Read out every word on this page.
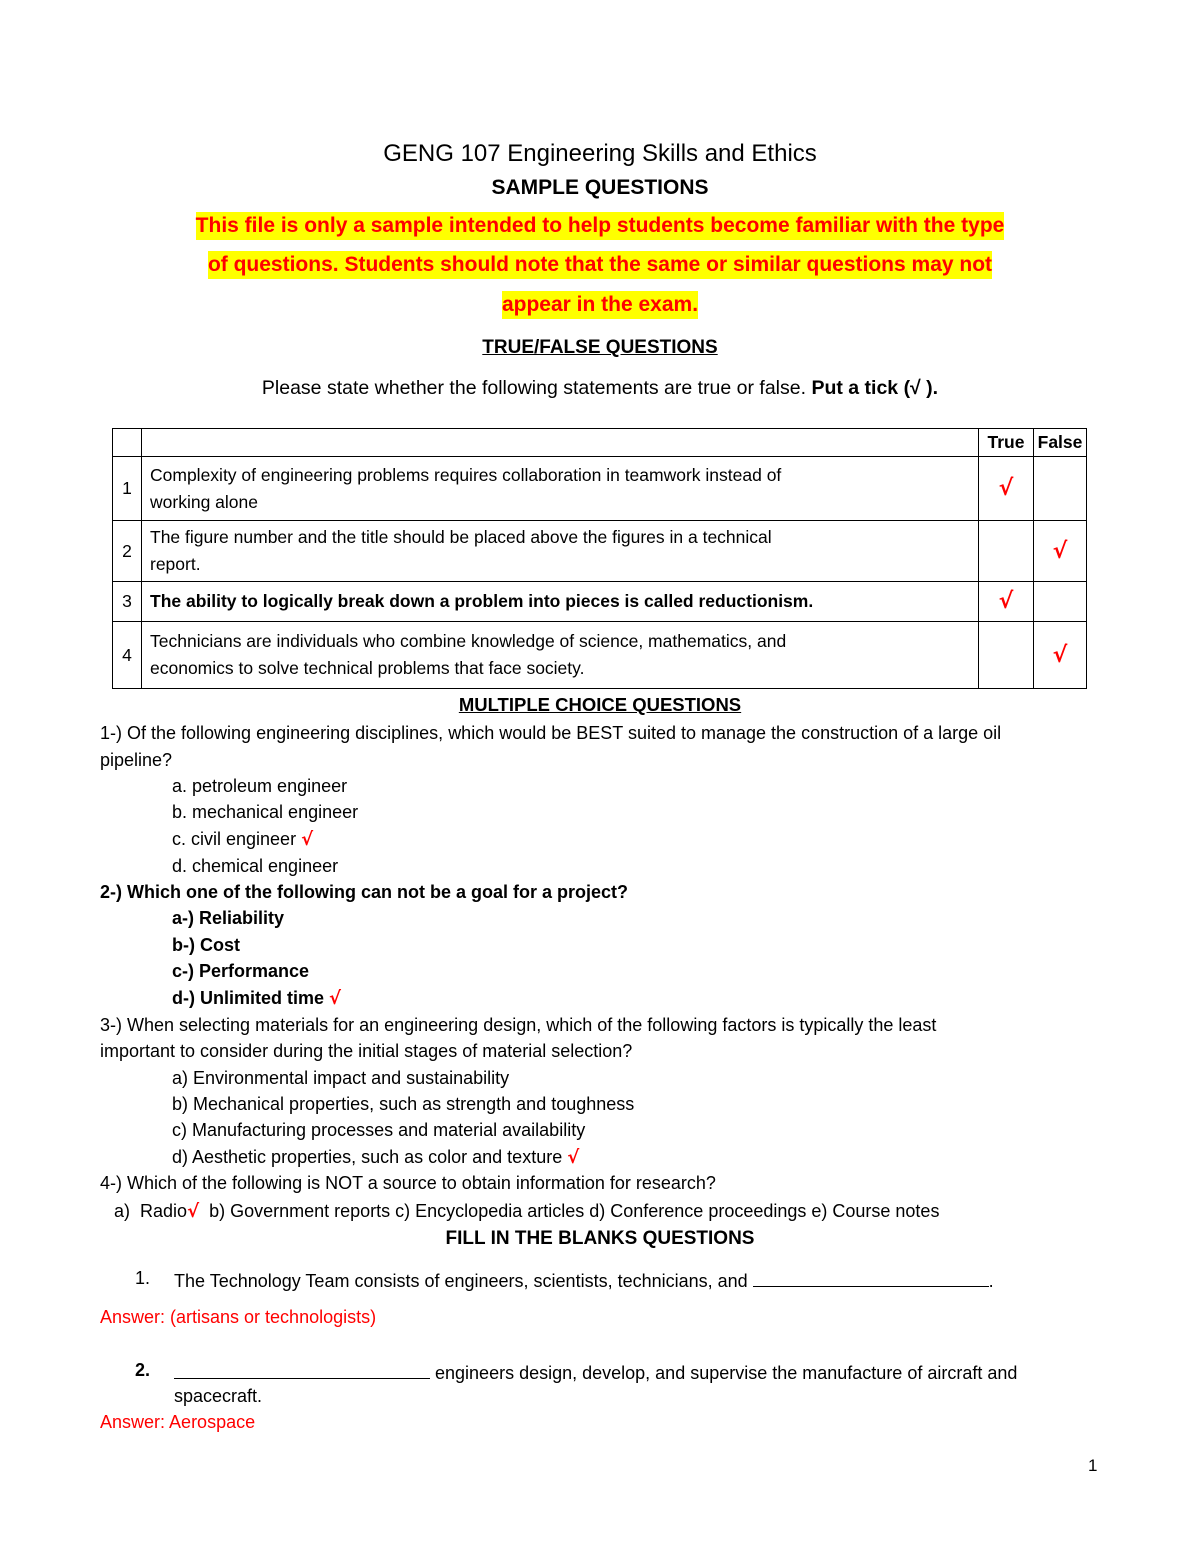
GENG 107 Engineering Skills and Ethics
SAMPLE QUESTIONS
This file is only a sample intended to help students become familiar with the type
of questions. Students should note that the same or similar questions may not
appear in the exam.
TRUE/FALSE QUESTIONS
Please state whether the following statements are true or false. Put a tick (√ ).
		True	False
1	Complexity of engineering problems requires collaboration in teamwork instead of
working alone	√	
2	The figure number and the title should be placed above the figures in a technical
report.		√
3	The ability to logically break down a problem into pieces is called reductionism.	√	
4	Technicians are individuals who combine knowledge of science, mathematics, and
economics to solve technical problems that face society.		√
MULTIPLE CHOICE QUESTIONS
1-) Of the following engineering disciplines, which would be BEST suited to manage the construction of a large oil
pipeline?
a. petroleum engineer
b. mechanical engineer
c. civil engineer √
d. chemical engineer
2-) Which one of the following can not be a goal for a project?
a-) Reliability
b-) Cost
c-) Performance
d-) Unlimited time √
3-) When selecting materials for an engineering design, which of the following factors is typically the least
important to consider during the initial stages of material selection?
a) Environmental impact and sustainability
b) Mechanical properties, such as strength and toughness
c) Manufacturing processes and material availability
d) Aesthetic properties, such as color and texture √
4-) Which of the following is NOT a source to obtain information for research?
a) Radio√ b) Government reports c) Encyclopedia articles d) Conference proceedings e) Course notes
FILL IN THE BLANKS QUESTIONS
1. The Technology Team consists of engineers, scientists, technicians, and	.
Answer: (artisans or technologists)
2.	engineers design, develop, and supervise the manufacture of aircraft and
spacecraft.
Answer: Aerospace
1
